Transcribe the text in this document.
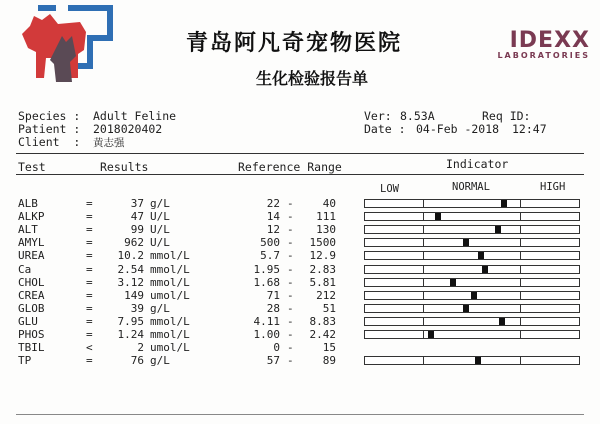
青岛阿凡奇宠物医院
生化检验报告单
IDEXX
LABORATORIES
Species : Adult Feline
Patient : 2018020402
Client  : 黄志强
Ver: 8.53A	Req ID:
Date : 04-Feb -2018 12:47
Test	Results	Reference Range	Indicator
LOW	NORMAL	HIGH
ALB	=	37 g/L	22	40
-
ALKP	=	47 U/L	14	111
-
ALT	=	99 U/L	12	130
-
AMYL	=	962 U/L	500	1500
-
UREA	=	10.2 mmol/L	5.7	12.9
-
Ca	=	2.54 mmol/L	1.95	2.83
-
CHOL	=	3.12 mmol/L	1.68	5.81
-
CREA	=	149 umol/L	71	212
-
GLOB	=	39 g/L	28	51
-
GLU	=	7.95 mmol/L	4.11	8.83
-
PHOS	=	1.24 mmol/L	1.00	2.42
-
TBIL	<	2 umol/L	0	15
-
TP	=	76 g/L	57	89
-
